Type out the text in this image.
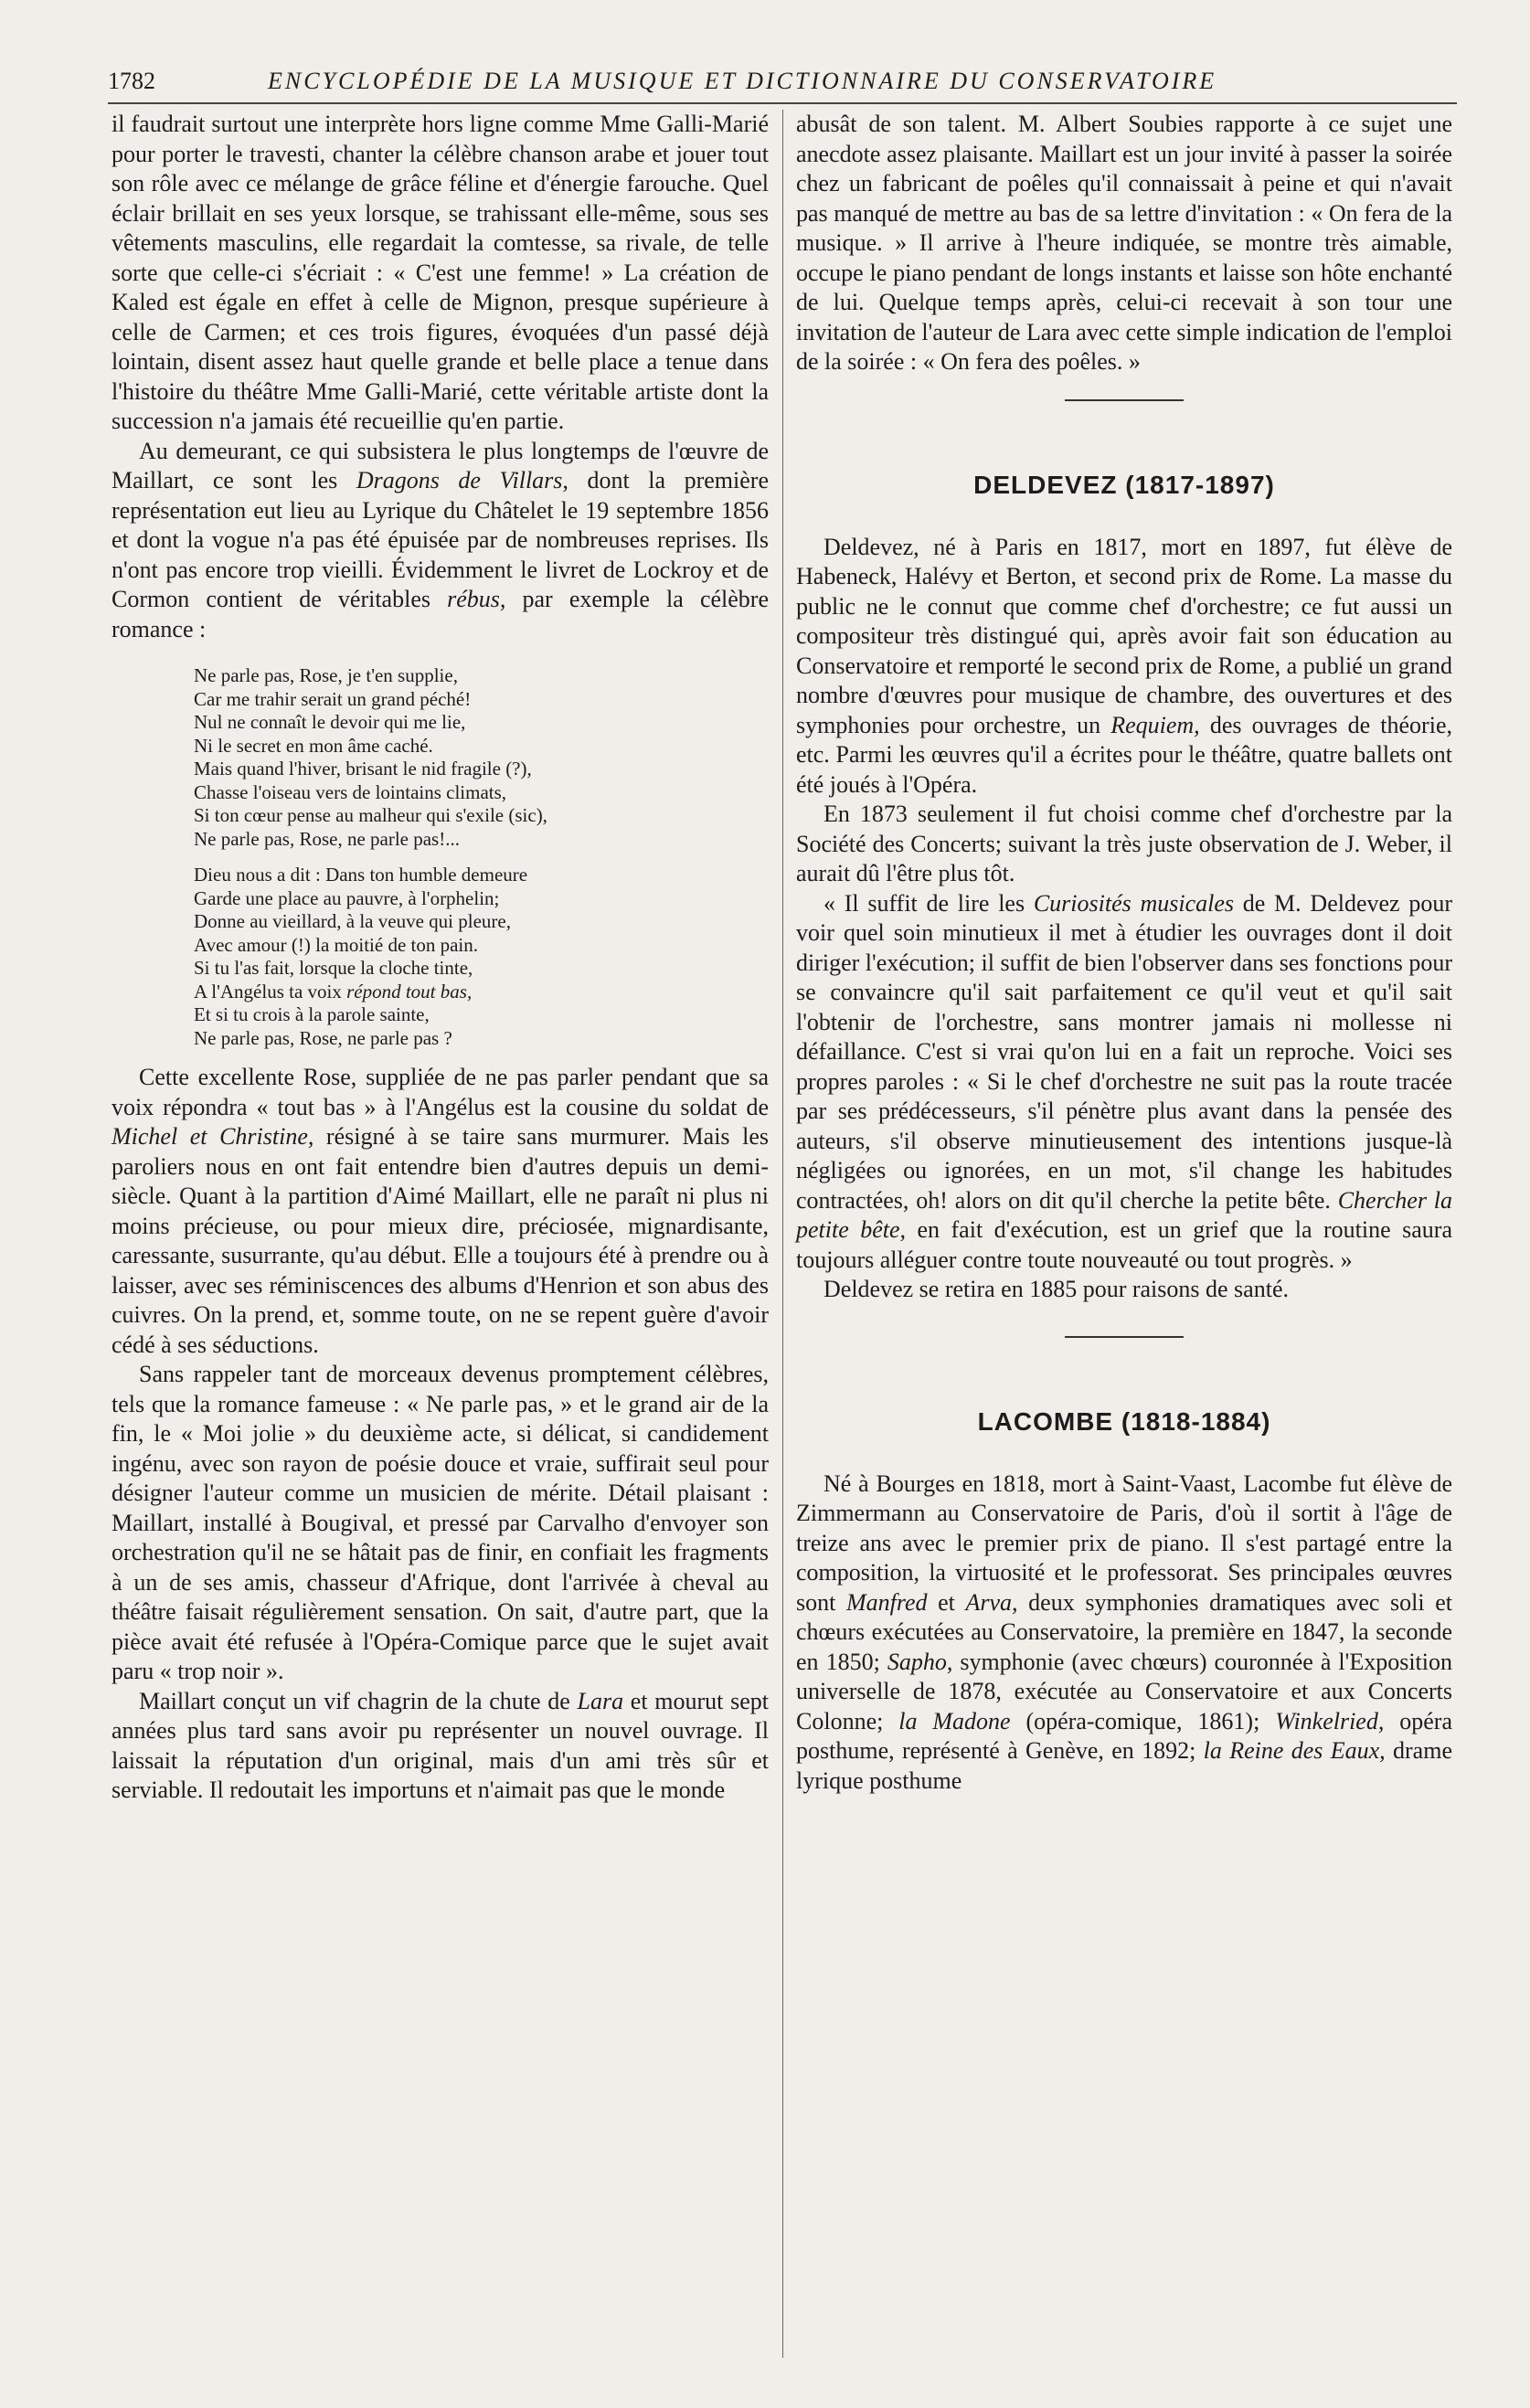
1782	ENCYCLOPÉDIE DE LA MUSIQUE ET DICTIONNAIRE DU CONSERVATOIRE

il faudrait surtout une interprète hors ligne comme Mme Galli-Marié pour porter le travesti, chanter la célèbre chanson arabe et jouer tout son rôle avec ce mélange de grâce féline et d'énergie farouche. Quel éclair brillait en ses yeux lorsque, se trahissant elle-même, sous ses vêtements masculins, elle regardait la comtesse, sa rivale, de telle sorte que celle-ci s'écriait : « C'est une femme! » La création de Kaled est égale en effet à celle de Mignon, presque supérieure à celle de Carmen; et ces trois figures, évoquées d'un passé déjà lointain, disent assez haut quelle grande et belle place a tenue dans l'histoire du théâtre Mme Galli-Marié, cette véritable artiste dont la succession n'a jamais été recueillie qu'en partie.

Au demeurant, ce qui subsistera le plus longtemps de l'œuvre de Maillart, ce sont les Dragons de Villars, dont la première représentation eut lieu au Lyrique du Châtelet le 19 septembre 1856 et dont la vogue n'a pas été épuisée par de nombreuses reprises. Ils n'ont pas encore trop vieilli. Évidemment le livret de Lockroy et de Cormon contient de véritables rébus, par exemple la célèbre romance :

Ne parle pas, Rose, je t'en supplie,
Car me trahir serait un grand péché!
Nul ne connaît le devoir qui me lie,
Ni le secret en mon âme caché.
Mais quand l'hiver, brisant le nid fragile (?),
Chasse l'oiseau vers de lointains climats,
Si ton cœur pense au malheur qui s'exile (sic),
Ne parle pas, Rose, ne parle pas!...
Dieu nous a dit : Dans ton humble demeure
Garde une place au pauvre, à l'orphelin;
Donne au vieillard, à la veuve qui pleure,
Avec amour (!) la moitié de ton pain.
Si tu l'as fait, lorsque la cloche tinte,
A l'Angélus ta voix répond tout bas,
Et si tu crois à la parole sainte,
Ne parle pas, Rose, ne parle pas ?

Cette excellente Rose, suppliée de ne pas parler pendant que sa voix répondra « tout bas » à l'Angélus est la cousine du soldat de Michel et Christine, résigné à se taire sans murmurer. Mais les paroliers nous en ont fait entendre bien d'autres depuis un demi-siècle. Quant à la partition d'Aimé Maillart, elle ne paraît ni plus ni moins précieuse, ou pour mieux dire, préciosée, mignardisante, caressante, susurrante, qu'au début. Elle a toujours été à prendre ou à laisser, avec ses réminiscences des albums d'Henrion et son abus des cuivres. On la prend, et, somme toute, on ne se repent guère d'avoir cédé à ses séductions.

Sans rappeler tant de morceaux devenus promptement célèbres, tels que la romance fameuse : « Ne parle pas, » et le grand air de la fin, le « Moi jolie » du deuxième acte, si délicat, si candidement ingénu, avec son rayon de poésie douce et vraie, suffirait seul pour désigner l'auteur comme un musicien de mérite. Détail plaisant : Maillart, installé à Bougival, et pressé par Carvalho d'envoyer son orchestration qu'il ne se hâtait pas de finir, en confiait les fragments à un de ses amis, chasseur d'Afrique, dont l'arrivée à cheval au théâtre faisait régulièrement sensation. On sait, d'autre part, que la pièce avait été refusée à l'Opéra-Comique parce que le sujet avait paru « trop noir ».

Maillart conçut un vif chagrin de la chute de Lara et mourut sept années plus tard sans avoir pu représenter un nouvel ouvrage. Il laissait la réputation d'un original, mais d'un ami très sûr et serviable. Il redoutait les importuns et n'aimait pas que le monde

abusât de son talent. M. Albert Soubies rapporte à ce sujet une anecdote assez plaisante. Maillart est un jour invité à passer la soirée chez un fabricant de poêles qu'il connaissait à peine et qui n'avait pas manqué de mettre au bas de sa lettre d'invitation : « On fera de la musique. » Il arrive à l'heure indiquée, se montre très aimable, occupe le piano pendant de longs instants et laisse son hôte enchanté de lui. Quelque temps après, celui-ci recevait à son tour une invitation de l'auteur de Lara avec cette simple indication de l'emploi de la soirée : « On fera des poêles. »

DELDEVEZ (1817-1897)

Deldevez, né à Paris en 1817, mort en 1897, fut élève de Habeneck, Halévy et Berton, et second prix de Rome. La masse du public ne le connut que comme chef d'orchestre; ce fut aussi un compositeur très distingué qui, après avoir fait son éducation au Conservatoire et remporté le second prix de Rome, a publié un grand nombre d'œuvres pour musique de chambre, des ouvertures et des symphonies pour orchestre, un Requiem, des ouvrages de théorie, etc. Parmi les œuvres qu'il a écrites pour le théâtre, quatre ballets ont été joués à l'Opéra.

En 1873 seulement il fut choisi comme chef d'orchestre par la Société des Concerts; suivant la très juste observation de J. Weber, il aurait dû l'être plus tôt.

« Il suffit de lire les Curiosités musicales de M. Deldevez pour voir quel soin minutieux il met à étudier les ouvrages dont il doit diriger l'exécution; il suffit de bien l'observer dans ses fonctions pour se convaincre qu'il sait parfaitement ce qu'il veut et qu'il sait l'obtenir de l'orchestre, sans montrer jamais ni mollesse ni défaillance. C'est si vrai qu'on lui en a fait un reproche. Voici ses propres paroles : « Si le chef d'orchestre ne suit pas la route tracée par ses prédécesseurs, s'il pénètre plus avant dans la pensée des auteurs, s'il observe minutieusement des intentions jusque-là négligées ou ignorées, en un mot, s'il change les habitudes contractées, oh! alors on dit qu'il cherche la petite bête. Chercher la petite bête, en fait d'exécution, est un grief que la routine saura toujours alléguer contre toute nouveauté ou tout progrès. »

Deldevez se retira en 1885 pour raisons de santé.

LACOMBE (1818-1884)

Né à Bourges en 1818, mort à Saint-Vaast, Lacombe fut élève de Zimmermann au Conservatoire de Paris, d'où il sortit à l'âge de treize ans avec le premier prix de piano. Il s'est partagé entre la composition, la virtuosité et le professorat. Ses principales œuvres sont Manfred et Arva, deux symphonies dramatiques avec soli et chœurs exécutées au Conservatoire, la première en 1847, la seconde en 1850; Sapho, symphonie (avec chœurs) couronnée à l'Exposition universelle de 1878, exécutée au Conservatoire et aux Concerts Colonne; la Madone (opéra-comique, 1861); Winkelried, opéra posthume, représenté à Genève, en 1892; la Reine des Eaux, drame lyrique posthume
